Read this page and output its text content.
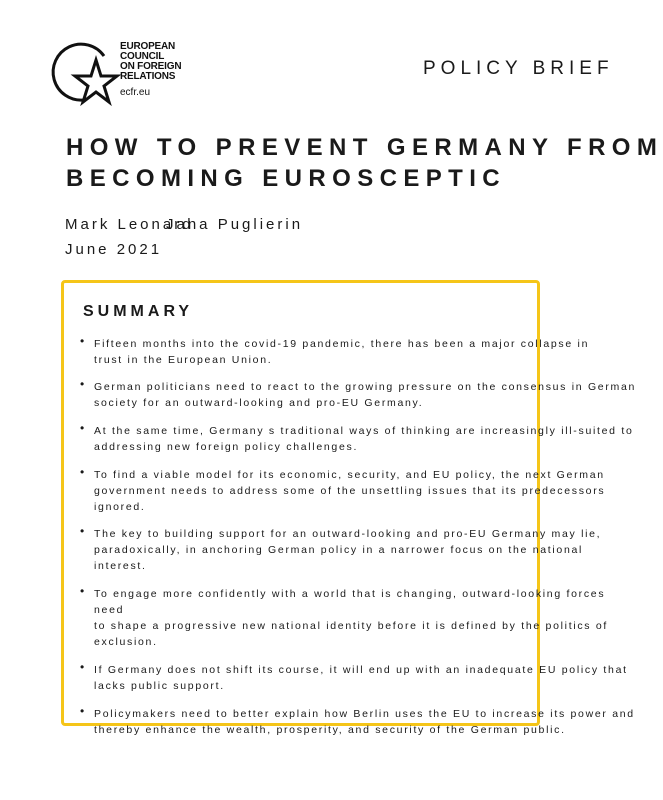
EUROPEAN
COUNCIL
ON FOREIGN
RELATIONS
ecfr.eu
POLICY BRIEF
HOW TO PREVENT GERMANY FROM
BECOMING EUROSCEPTIC
Mark Leonard
Jana Puglierin
June 2021
SUMMARY
• Fifteen months into the covid-19 pandemic, there has been a major collapse in
trust in the European Union.
• German politicians need to react to the growing pressure on the consensus in German
society for an outward-looking and pro-EU Germany.
• At the same time, Germany s traditional ways of thinking are increasingly ill-suited to
addressing new foreign policy challenges.
• To find a viable model for its economic, security, and EU policy, the next German
government needs to address some of the unsettling issues that its predecessors
ignored.
• The key to building support for an outward-looking and pro-EU Germany may lie,
paradoxically, in anchoring German policy in a narrower focus on the national interest.
• To engage more confidently with a world that is changing, outward-looking forces need
to shape a progressive new national identity before it is defined by the politics of
exclusion.
• If Germany does not shift its course, it will end up with an inadequate EU policy that
lacks public support.
• Policymakers need to better explain how Berlin uses the EU to increase its power and
thereby enhance the wealth, prosperity, and security of the German public.
